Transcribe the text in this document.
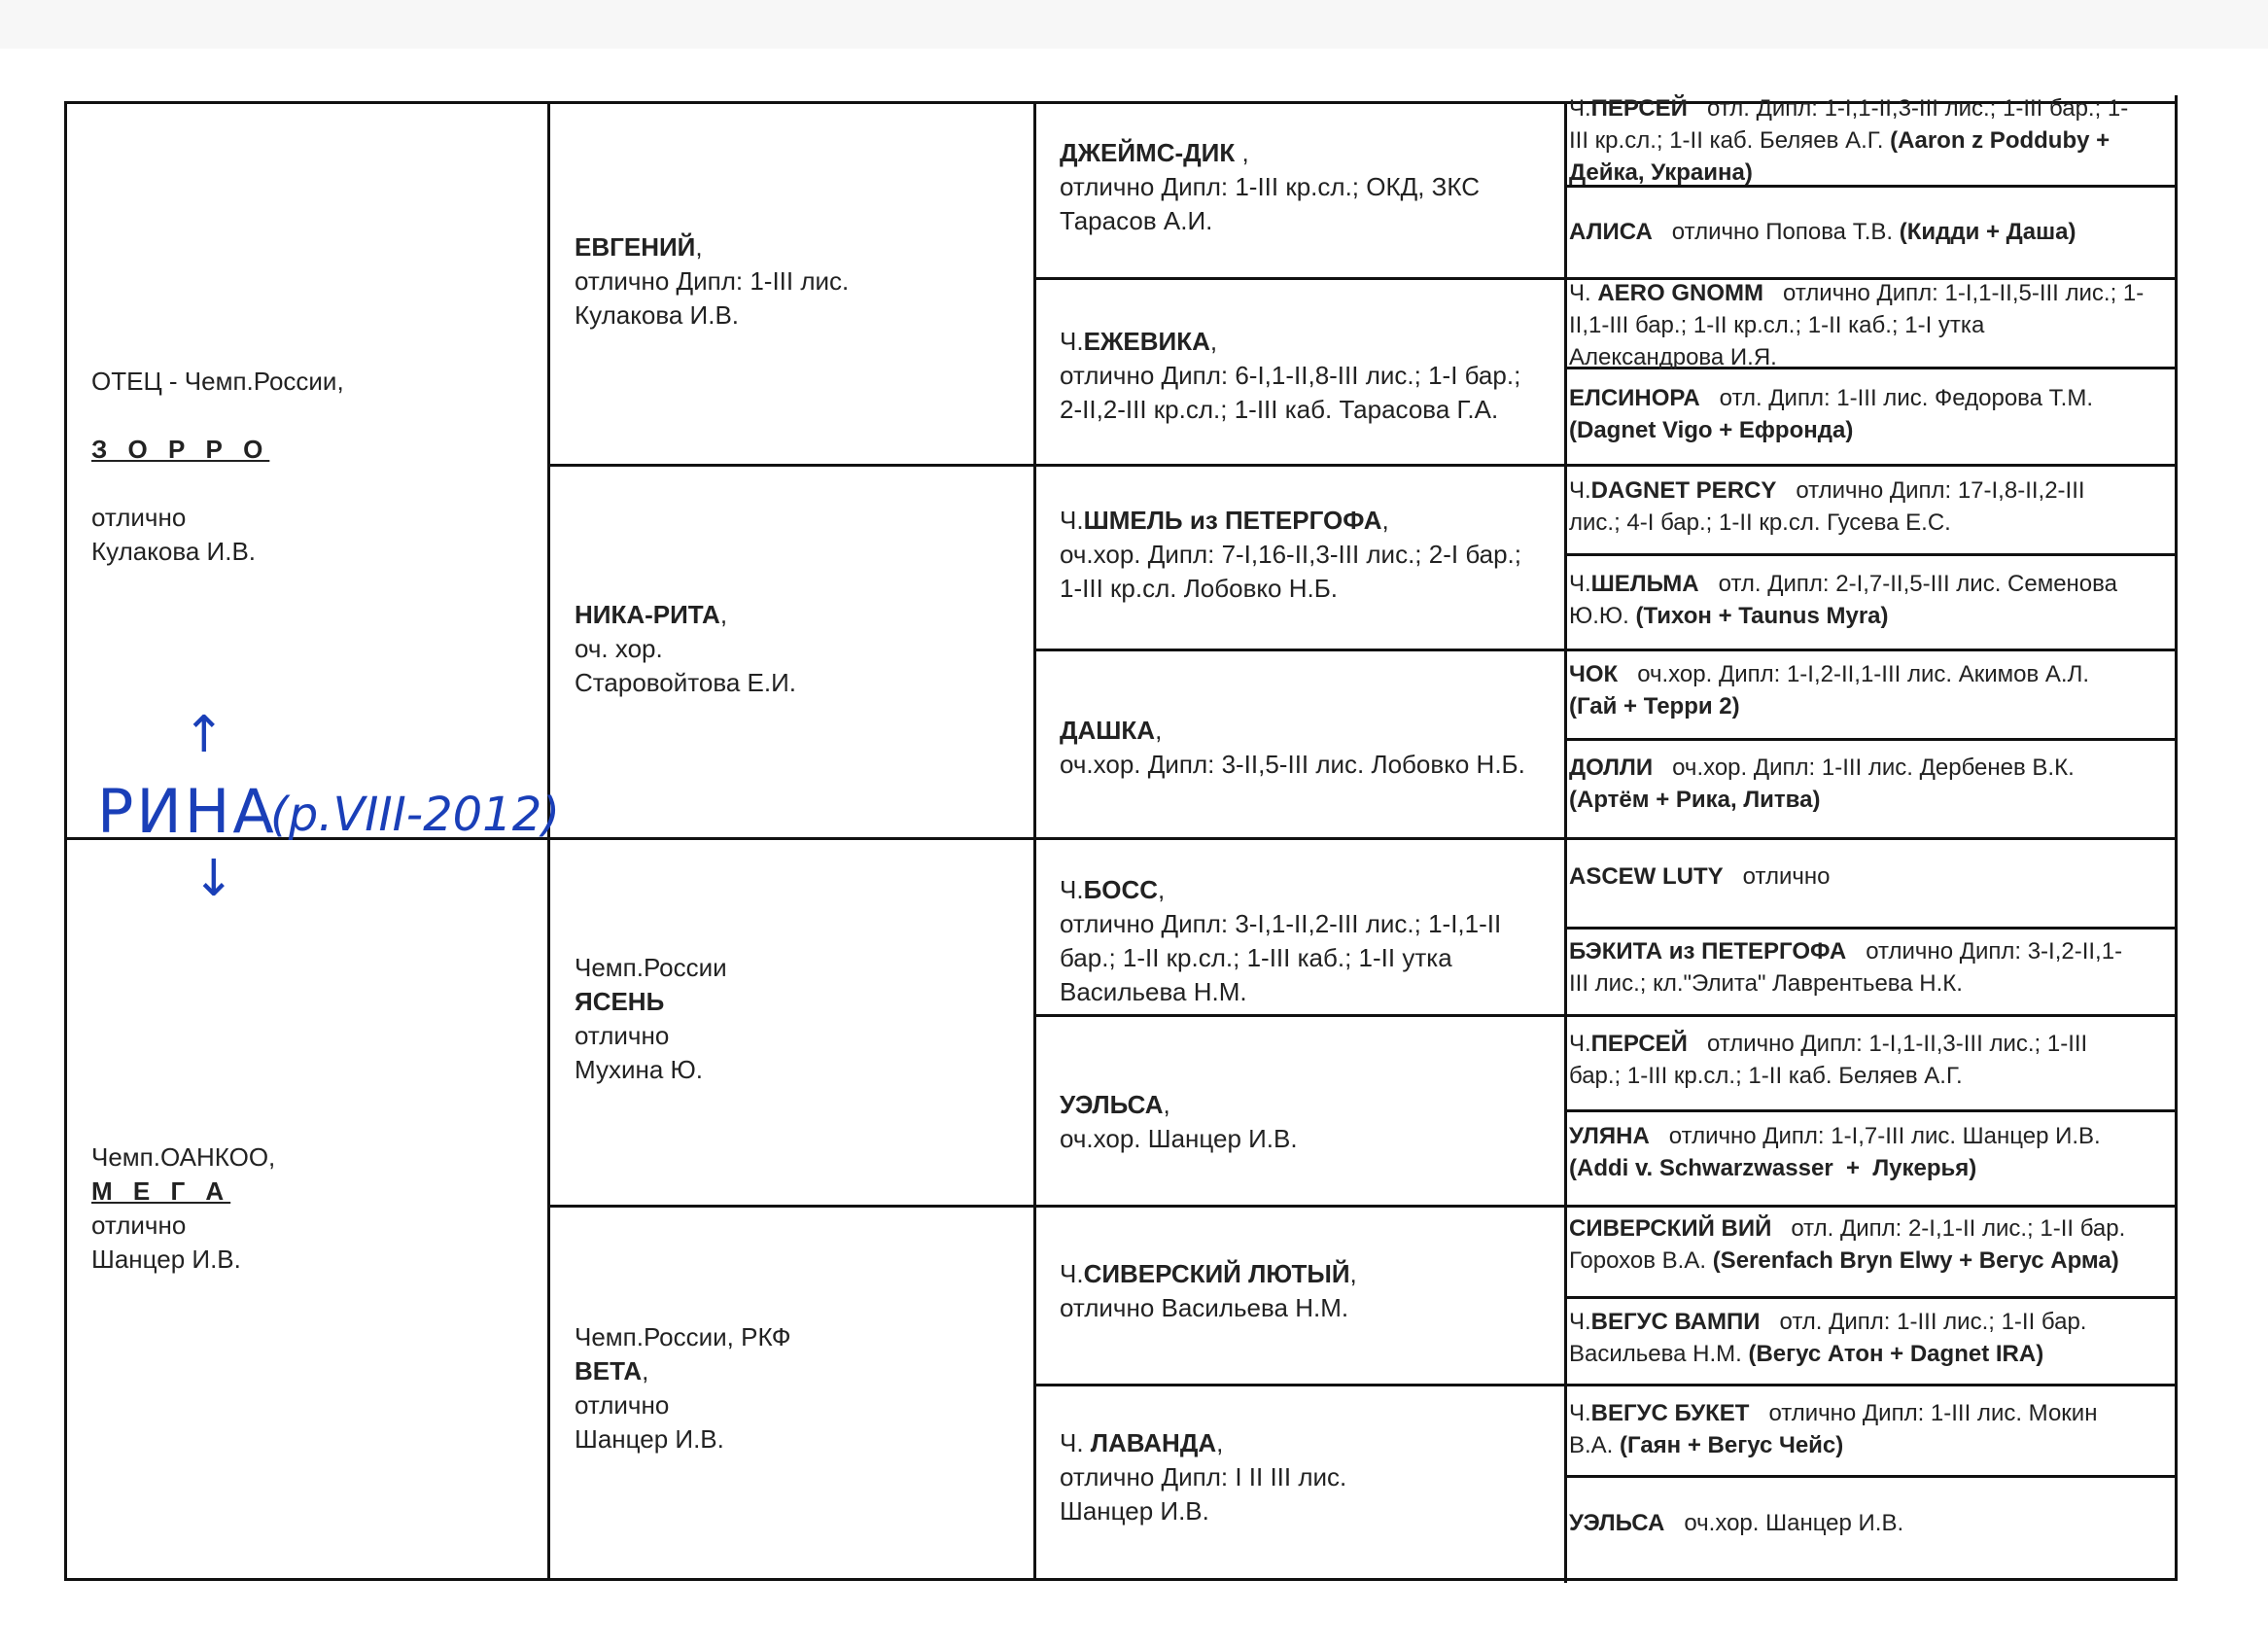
ОТЕЦ - Чемп.России,
З О Р Р О
отлично
Кулакова И.В.
Чемп.ОАНКОО,
М Е Г А
отлично
Шанцер И.В.
↑
РИНА
(р.VIII-2012)
↓
ЕВГЕНИЙ,
отлично Дипл: 1-III лис.
Кулакова И.В.
НИКА-РИТА,
оч. хор.
Старовойтова Е.И.
Чемп.России
ЯСЕНЬ
отлично
Мухина Ю.
Чемп.России, РКФ
ВЕТА,
отлично
Шанцер И.В.
ДЖЕЙМС-ДИК ,
отлично Дипл: 1-III кр.сл.; ОКД, ЗКС
Тарасов А.И.
Ч.ЕЖЕВИКА,
отлично Дипл: 6-I,1-II,8-III лис.; 1-I бар.;
2-II,2-III кр.сл.; 1-III каб. Тарасова Г.А.
Ч.ШМЕЛЬ из ПЕТЕРГОФА,
оч.хор. Дипл: 7-I,16-II,3-III лис.; 2-I бар.;
1-III кр.сл. Лобовко Н.Б.
ДАШКА,
оч.хор. Дипл: 3-II,5-III лис. Лобовко Н.Б.
Ч.БОСС,
отлично Дипл: 3-I,1-II,2-III лис.; 1-I,1-II
бар.; 1-II кр.сл.; 1-III каб.; 1-II утка
Васильева Н.М.
УЭЛЬСА,
оч.хор. Шанцер И.В.
Ч.СИВЕРСКИЙ ЛЮТЫЙ,
отлично Васильева Н.М.
Ч. ЛАВАНДА,
отлично Дипл: I II III лис.
Шанцер И.В.
Ч.ПЕРСЕЙ   отл. Дипл: 1-I,1-II,3-III лис.; 1-III бар.; 1-
III кр.сл.; 1-II каб. Беляев А.Г. (Aaron z Podduby +
Дейка, Украина)
АЛИСА   отлично Попова Т.В. (Кидди + Даша)
Ч. AERO GNOMM   отлично Дипл: 1-I,1-II,5-III лис.; 1-
II,1-III бар.; 1-II кр.сл.; 1-II каб.; 1-I утка
Александрова И.Я.
ЕЛСИНОРА   отл. Дипл: 1-III лис. Федорова Т.М.
(Dagnet Vigo + Ефронда)
Ч.DAGNET PERCY   отлично Дипл: 17-I,8-II,2-III
лис.; 4-I бар.; 1-II кр.сл. Гусева Е.С.
Ч.ШЕЛЬМА   отл. Дипл: 2-I,7-II,5-III лис. Семенова
Ю.Ю. (Тихон + Taunus Myra)
ЧОК   оч.хор. Дипл: 1-I,2-II,1-III лис. Акимов А.Л.
(Гай + Терри 2)
ДОЛЛИ   оч.хор. Дипл: 1-III лис. Дербенев В.К.
(Артём + Рика, Литва)
ASCEW LUTY   отлично
БЭКИТА из ПЕТЕРГОФА   отлично Дипл: 3-I,2-II,1-
III лис.; кл."Элита" Лаврентьева Н.К.
Ч.ПЕРСЕЙ   отлично Дипл: 1-I,1-II,3-III лис.; 1-III
бар.; 1-III кр.сл.; 1-II каб. Беляев А.Г.
УЛЯНА   отлично Дипл: 1-I,7-III лис. Шанцер И.В.
(Addi v. Schwarzwasser  +  Лукерья)
СИВЕРСКИЙ ВИЙ   отл. Дипл: 2-I,1-II лис.; 1-II бар.
Горохов В.А. (Serenfach Bryn Elwy + Вегус Арма)
Ч.ВЕГУС ВАМПИ   отл. Дипл: 1-III лис.; 1-II бар.
Васильева Н.М. (Вегус Атон + Dagnet IRA)
Ч.ВЕГУС БУКЕТ   отлично Дипл: 1-III лис. Мокин
В.А. (Гаян + Вегус Чейс)
УЭЛЬСА   оч.хор. Шанцер И.В.
